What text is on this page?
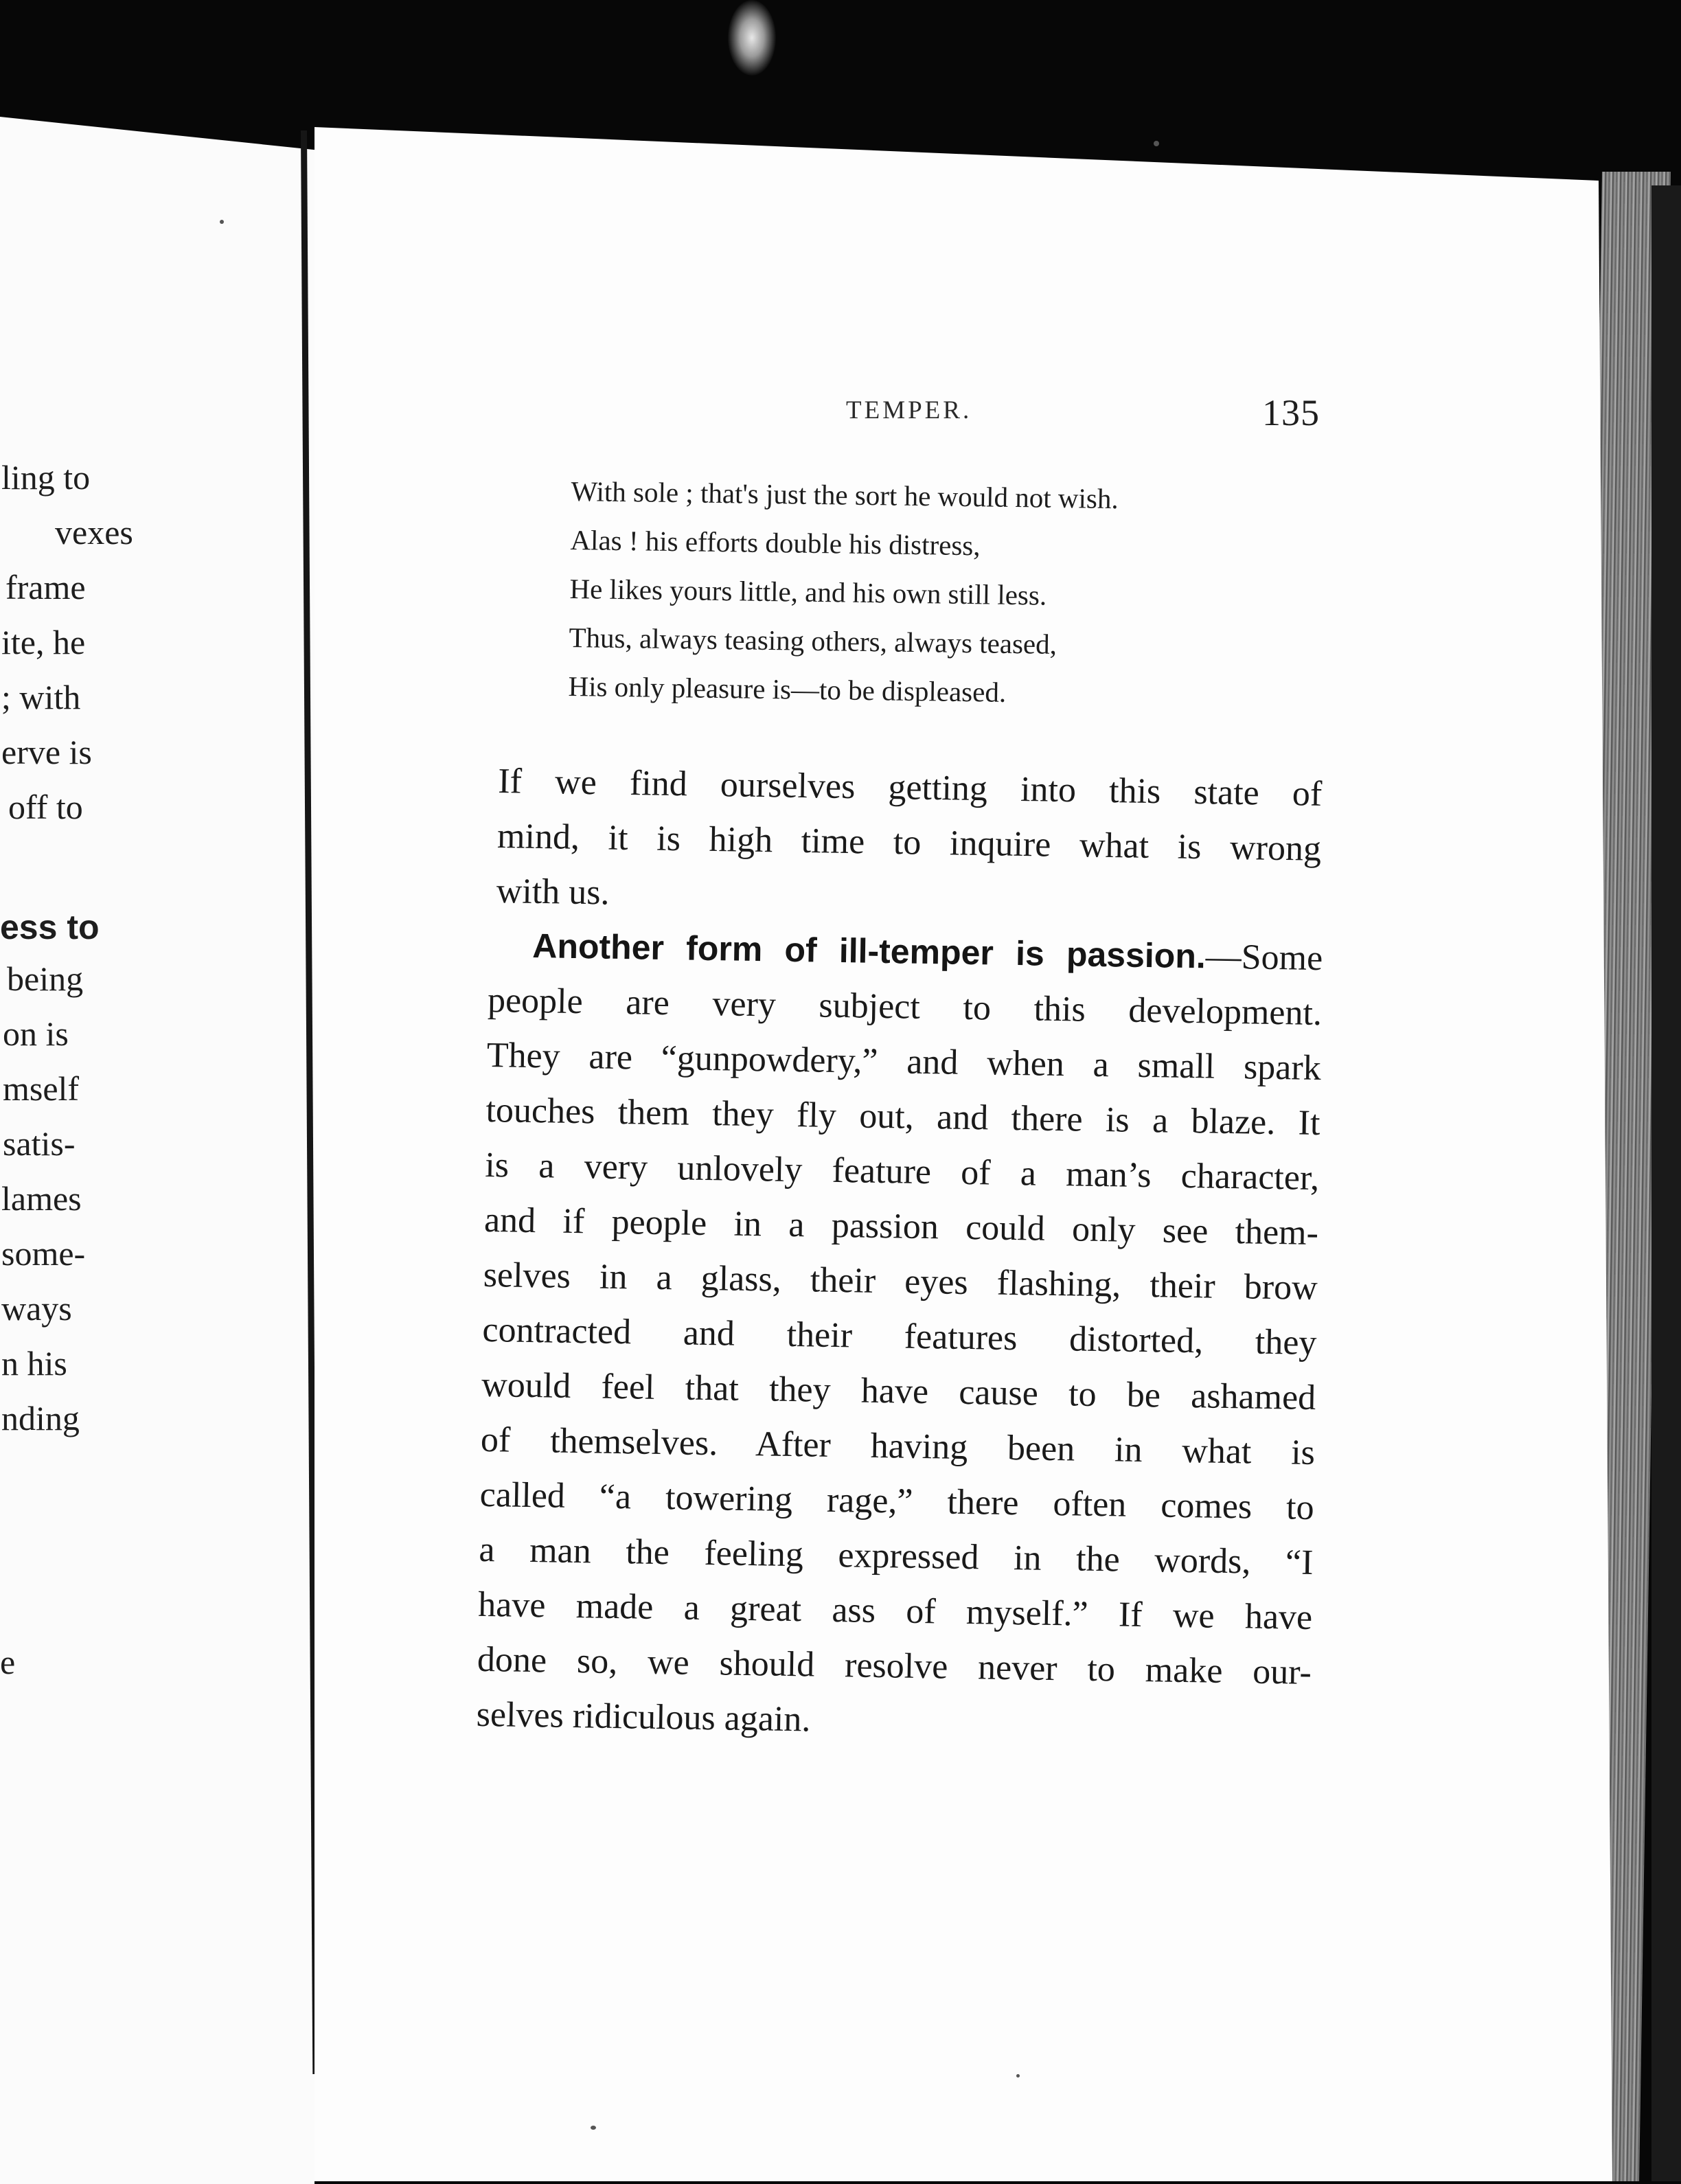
ling to
vexes
frame
ite, he
; with
erve is
off to
ess to
being
on is
mself
satis-
lames
some-
ways
n his
nding
e
TEMPER.	135
With sole ; that's just the sort he would not wish.
Alas ! his efforts double his distress,
He likes yours little, and his own still less.
Thus, always teasing others, always teased,
His only pleasure is—to be displeased.
If we find ourselves getting into this state of
mind, it is high time to inquire what is wrong
with us.
Another form of ill-temper is passion.—Some
people are very subject to this development.
They are “gunpowdery,” and when a small spark
touches them they fly out, and there is a blaze. It
is a very unlovely feature of a man’s character,
and if people in a passion could only see them-
selves in a glass, their eyes flashing, their brow
contracted and their features distorted, they
would feel that they have cause to be ashamed
of themselves. After having been in what is
called “a towering rage,” there often comes to
a man the feeling expressed in the words, “I
have made a great ass of myself.” If we have
done so, we should resolve never to make our-
selves ridiculous again.
